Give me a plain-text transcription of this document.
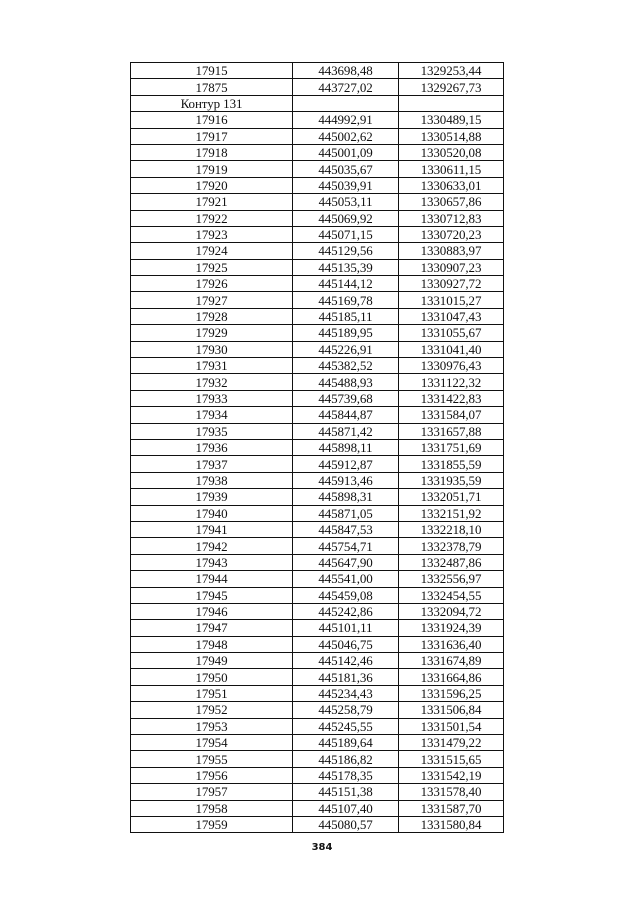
17915	443698,48	1329253,44
17875	443727,02	1329267,73
Контур 131		
17916	444992,91	1330489,15
17917	445002,62	1330514,88
17918	445001,09	1330520,08
17919	445035,67	1330611,15
17920	445039,91	1330633,01
17921	445053,11	1330657,86
17922	445069,92	1330712,83
17923	445071,15	1330720,23
17924	445129,56	1330883,97
17925	445135,39	1330907,23
17926	445144,12	1330927,72
17927	445169,78	1331015,27
17928	445185,11	1331047,43
17929	445189,95	1331055,67
17930	445226,91	1331041,40
17931	445382,52	1330976,43
17932	445488,93	1331122,32
17933	445739,68	1331422,83
17934	445844,87	1331584,07
17935	445871,42	1331657,88
17936	445898,11	1331751,69
17937	445912,87	1331855,59
17938	445913,46	1331935,59
17939	445898,31	1332051,71
17940	445871,05	1332151,92
17941	445847,53	1332218,10
17942	445754,71	1332378,79
17943	445647,90	1332487,86
17944	445541,00	1332556,97
17945	445459,08	1332454,55
17946	445242,86	1332094,72
17947	445101,11	1331924,39
17948	445046,75	1331636,40
17949	445142,46	1331674,89
17950	445181,36	1331664,86
17951	445234,43	1331596,25
17952	445258,79	1331506,84
17953	445245,55	1331501,54
17954	445189,64	1331479,22
17955	445186,82	1331515,65
17956	445178,35	1331542,19
17957	445151,38	1331578,40
17958	445107,40	1331587,70
17959	445080,57	1331580,84
384
